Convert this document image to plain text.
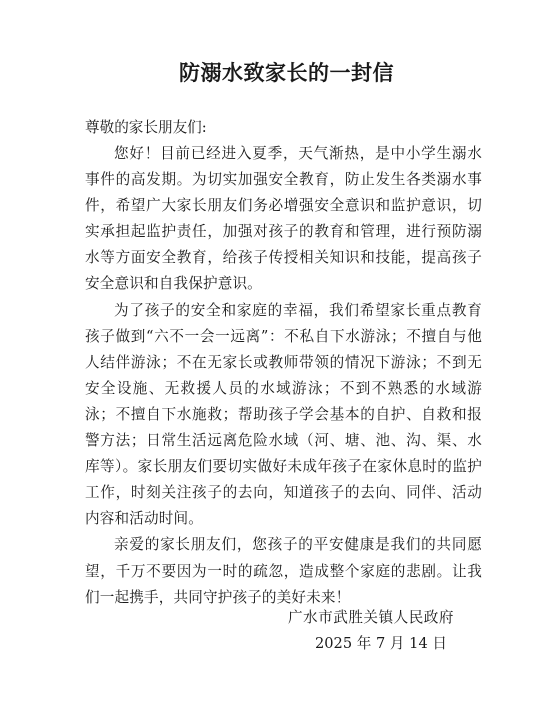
防溺水致家长的一封信

尊敬的家长朋友们:

您好！目前已经进入夏季，天气渐热，是中小学生溺水事件的高发期。为切实加强安全教育，防止发生各类溺水事件，希望广大家长朋友们务必增强安全意识和监护意识，切实承担起监护责任，加强对孩子的教育和管理，进行预防溺水等方面安全教育，给孩子传授相关知识和技能，提高孩子安全意识和自我保护意识。

为了孩子的安全和家庭的幸福，我们希望家长重点教育孩子做到“六不一会一远离”：不私自下水游泳；不擅自与他人结伴游泳；不在无家长或教师带领的情况下游泳；不到无安全设施、无救援人员的水域游泳；不到不熟悉的水域游泳；不擅自下水施救；帮助孩子学会基本的自护、自救和报警方法；日常生活远离危险水域（河、塘、池、沟、渠、水库等）。家长朋友们要切实做好未成年孩子在家休息时的监护工作，时刻关注孩子的去向，知道孩子的去向、同伴、活动内容和活动时间。

亲爱的家长朋友们，您孩子的平安健康是我们的共同愿望，千万不要因为一时的疏忽，造成整个家庭的悲剧。让我们一起携手，共同守护孩子的美好未来！

广水市武胜关镇人民政府
2025 年 7 月 14 日
